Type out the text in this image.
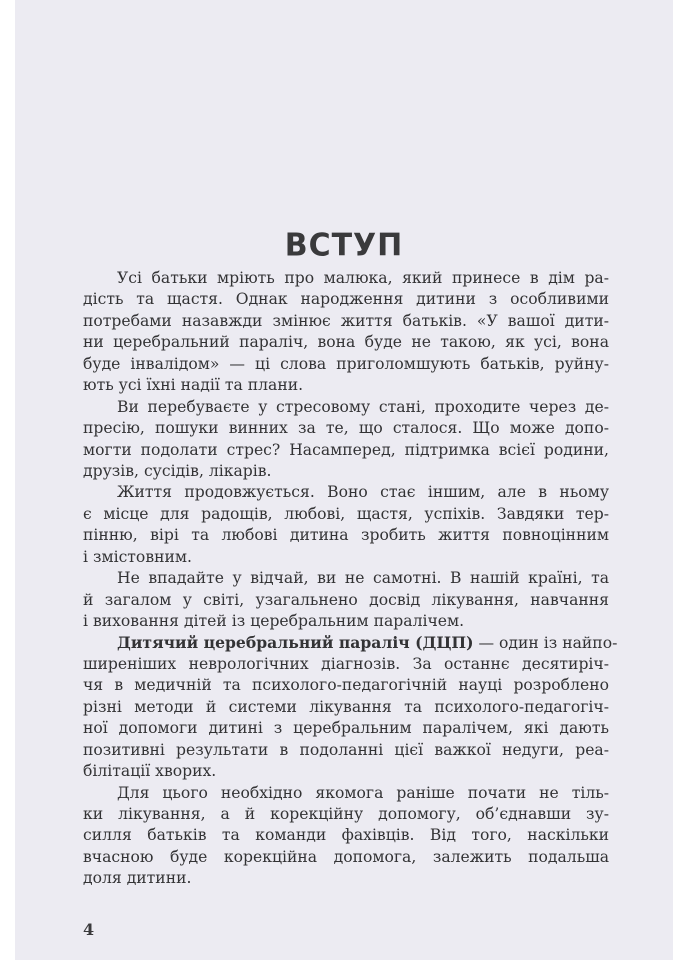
ВСТУП
Усі батьки мріють про малюка, який принесе в дім ра-
дість та щастя. Однак народження дитини з особливими
потребами назавжди змінює життя батьків. «У вашої дити-
ни церебральний параліч, вона буде не такою, як усі, вона
буде інвалідом» — ці слова приголомшують батьків, руйну-
ють усі їхні надії та плани.
Ви перебуваєте у стресовому стані, проходите через де-
пресію, пошуки винних за те, що сталося. Що може допо-
могти подолати стрес? Насамперед, підтримка всієї родини,
друзів, сусідів, лікарів.
Життя продовжується. Воно стає іншим, але в ньому
є місце для радощів, любові, щастя, успіхів. Завдяки тер-
пінню, вірі та любові дитина зробить життя повноцінним
і змістовним.
Не впадайте у відчай, ви не самотні. В нашій країні, та
й загалом у світі, узагальнено досвід лікування, навчання
і виховання дітей із церебральним паралічем.
Дитячий церебральний параліч (ДЦП) — один із найпо-
ширеніших неврологічних діагнозів. За останнє десятиріч-
чя в медичній та психолого-педагогічній науці розроблено
різні методи й системи лікування та психолого-педагогіч-
ної допомоги дитині з церебральним паралічем, які дають
позитивні результати в подоланні цієї важкої недуги, реа-
білітації хворих.
Для цього необхідно якомога раніше почати не тіль-
ки лікування, а й корекційну допомогу, об’єднавши зу-
силля батьків та команди фахівців. Від того, наскільки
вчасною буде корекційна допомога, залежить подальша
доля дитини.
4
